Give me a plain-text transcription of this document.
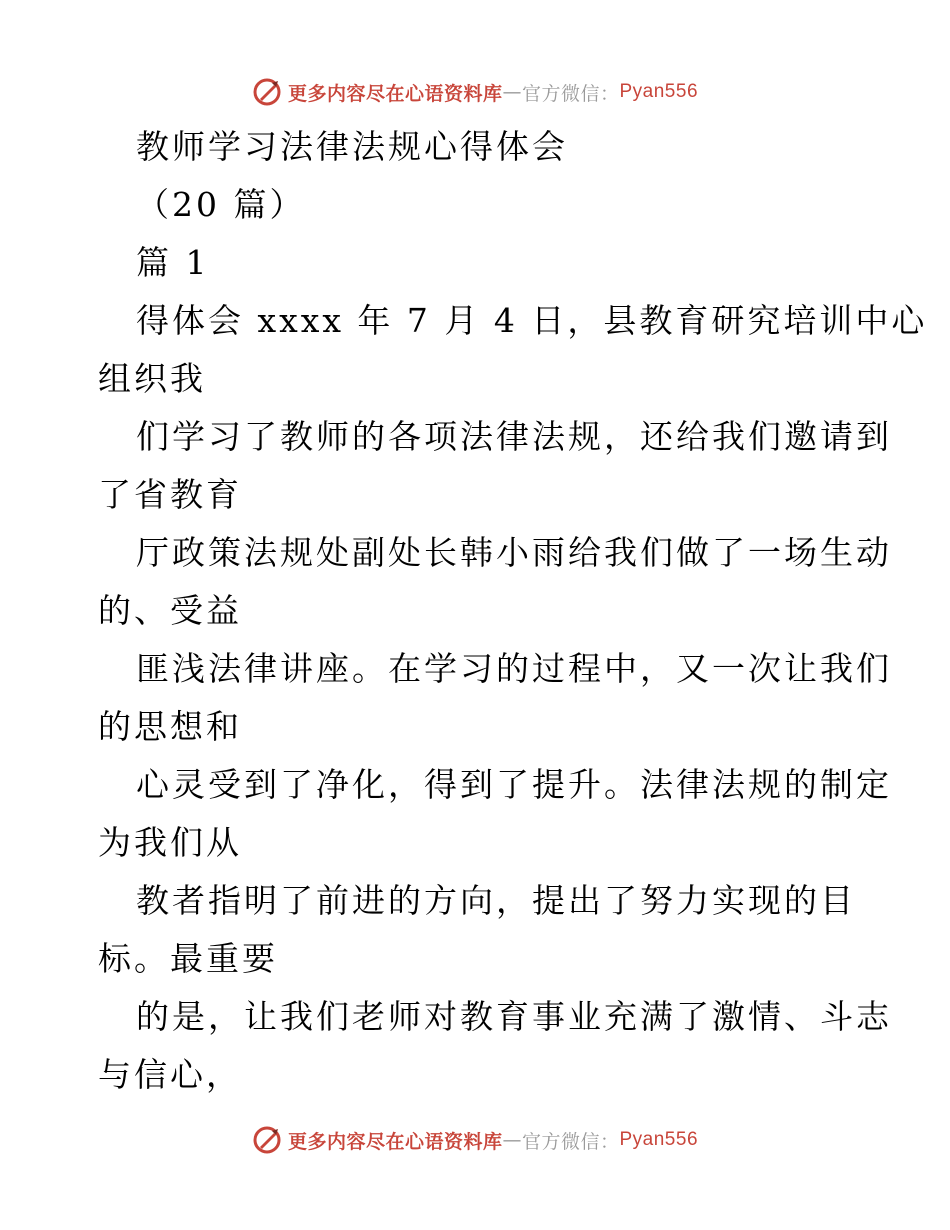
更多内容尽在心语资料库 — 官方微信： Pyan556
教师学习法律法规心得体会
（20 篇）
篇 1
得体会 xxxx 年 7 月 4 日，县教育研究培训中心
组织我
们学习了教师的各项法律法规，还给我们邀请到
了省教育
厅政策法规处副处长韩小雨给我们做了一场生动
的、受益
匪浅法律讲座。在学习的过程中，又一次让我们
的思想和
心灵受到了净化，得到了提升。法律法规的制定
为我们从
教者指明了前进的方向，提出了努力实现的目
标。最重要
的是，让我们老师对教育事业充满了激情、斗志
与信心，
更多内容尽在心语资料库 — 官方微信： Pyan556
